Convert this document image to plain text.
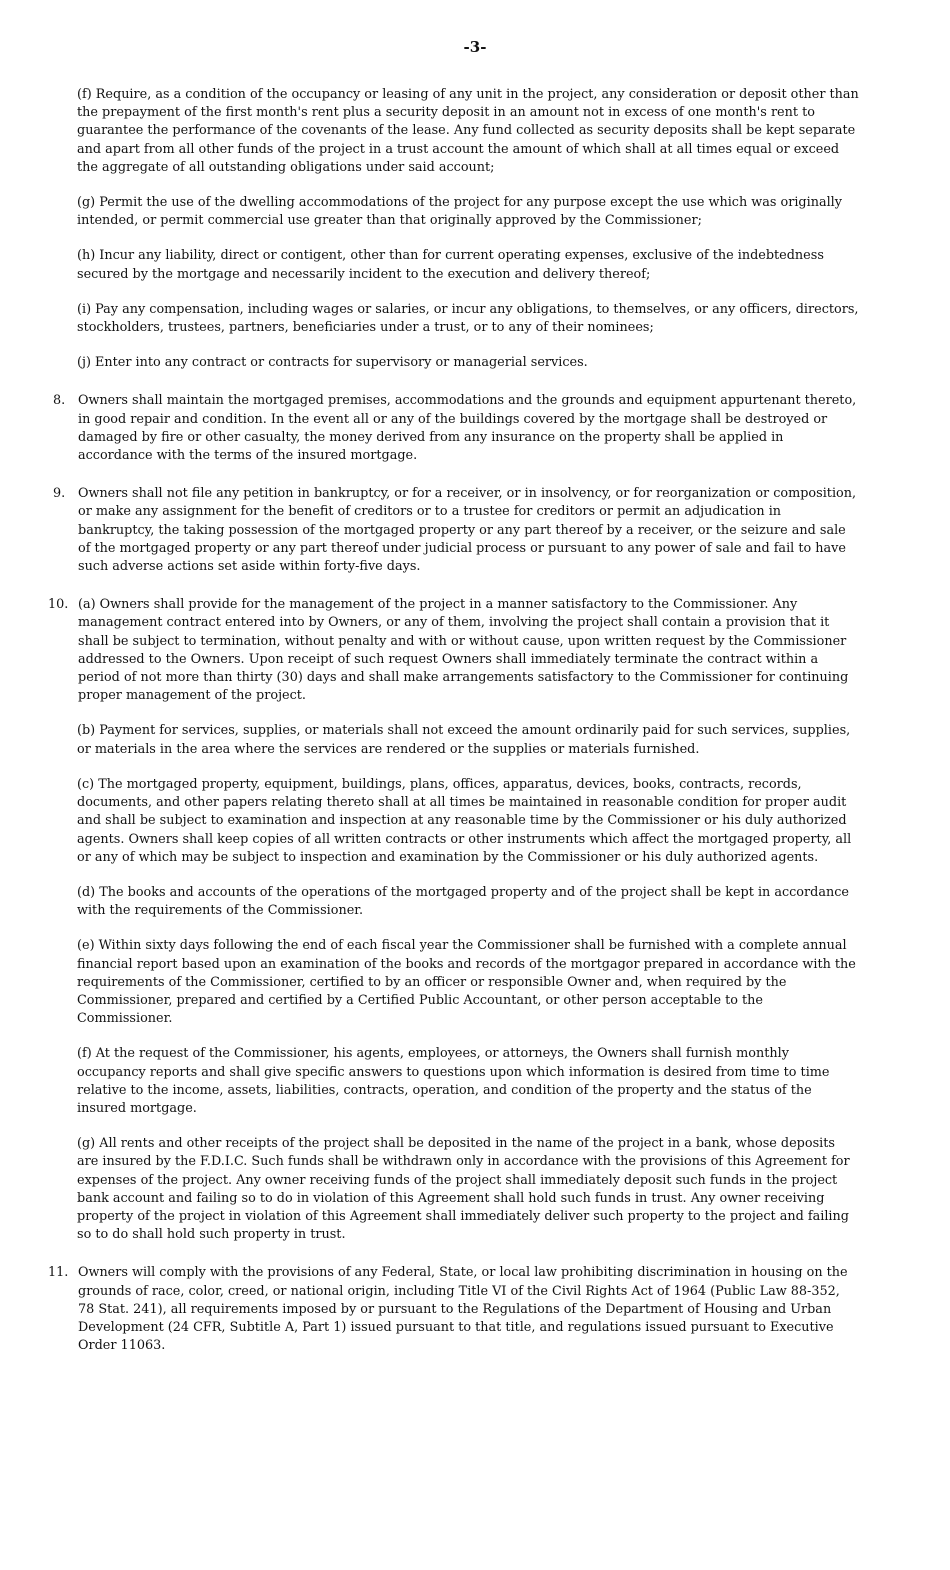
-3-

(f) Require, as a condition of the occupancy or leasing of any unit in the project, any consideration or deposit other than the prepayment of the first month's rent plus a security deposit in an amount not in excess of one month's rent to guarantee the performance of the covenants of the lease. Any fund collected as security deposits shall be kept separate and apart from all other funds of the project in a trust account the amount of which shall at all times equal or exceed the aggregate of all outstanding obligations under said account;

(g) Permit the use of the dwelling accommodations of the project for any purpose except the use which was originally intended, or permit commercial use greater than that originally approved by the Commissioner;

(h) Incur any liability, direct or contigent, other than for current operating expenses, exclusive of the indebtedness secured by the mortgage and necessarily incident to the execution and delivery thereof;

(i) Pay any compensation, including wages or salaries, or incur any obligations, to themselves, or any officers, directors, stockholders, trustees, partners, beneficiaries under a trust, or to any of their nominees;

(j) Enter into any contract or contracts for supervisory or managerial services.

8. Owners shall maintain the mortgaged premises, accommodations and the grounds and equipment appurtenant thereto, in good repair and condition. In the event all or any of the buildings covered by the mortgage shall be destroyed or damaged by fire or other casualty, the money derived from any insurance on the property shall be applied in accordance with the terms of the insured mortgage.
9. Owners shall not file any petition in bankruptcy, or for a receiver, or in insolvency, or for reorganization or composition, or make any assignment for the benefit of creditors or to a trustee for creditors or permit an adjudication in bankruptcy, the taking possession of the mortgaged property or any part thereof by a receiver, or the seizure and sale of the mortgaged property or any part thereof under judicial process or pursuant to any power of sale and fail to have such adverse actions set aside within forty-five days.
10. (a) Owners shall provide for the management of the project in a manner satisfactory to the Commissioner. Any management contract entered into by Owners, or any of them, involving the project shall contain a provision that it shall be subject to termination, without penalty and with or without cause, upon written request by the Commissioner addressed to the Owners. Upon receipt of such request Owners shall immediately terminate the contract within a period of not more than thirty (30) days and shall make arrangements satisfactory to the Commissioner for continuing proper management of the project.

(b) Payment for services, supplies, or materials shall not exceed the amount ordinarily paid for such services, supplies, or materials in the area where the services are rendered or the supplies or materials furnished.

(c) The mortgaged property, equipment, buildings, plans, offices, apparatus, devices, books, contracts, records, documents, and other papers relating thereto shall at all times be maintained in reasonable condition for proper audit and shall be subject to examination and inspection at any reasonable time by the Commissioner or his duly authorized agents. Owners shall keep copies of all written contracts or other instruments which affect the mortgaged property, all or any of which may be subject to inspection and examination by the Commissioner or his duly authorized agents.

(d) The books and accounts of the operations of the mortgaged property and of the project shall be kept in accordance with the requirements of the Commissioner.

(e) Within sixty days following the end of each fiscal year the Commissioner shall be furnished with a complete annual financial report based upon an examination of the books and records of the mortgagor prepared in accordance with the requirements of the Commissioner, certified to by an officer or responsible Owner and, when required by the Commissioner, prepared and certified by a Certified Public Accountant, or other person acceptable to the Commissioner.

(f) At the request of the Commissioner, his agents, employees, or attorneys, the Owners shall furnish monthly occupancy reports and shall give specific answers to questions upon which information is desired from time to time relative to the income, assets, liabilities, contracts, operation, and condition of the property and the status of the insured mortgage.

(g) All rents and other receipts of the project shall be deposited in the name of the project in a bank, whose deposits are insured by the F.D.I.C. Such funds shall be withdrawn only in accordance with the provisions of this Agreement for expenses of the project. Any owner receiving funds of the project shall immediately deposit such funds in the project bank account and failing so to do in violation of this Agreement shall hold such funds in trust. Any owner receiving property of the project in violation of this Agreement shall immediately deliver such property to the project and failing so to do shall hold such property in trust.

11. Owners will comply with the provisions of any Federal, State, or local law prohibiting discrimination in housing on the grounds of race, color, creed, or national origin, including Title VI of the Civil Rights Act of 1964 (Public Law 88-352, 78 Stat. 241), all requirements imposed by or pursuant to the Regulations of the Department of Housing and Urban Development (24 CFR, Subtitle A, Part 1) issued pursuant to that title, and regulations issued pursuant to Executive Order 11063.
